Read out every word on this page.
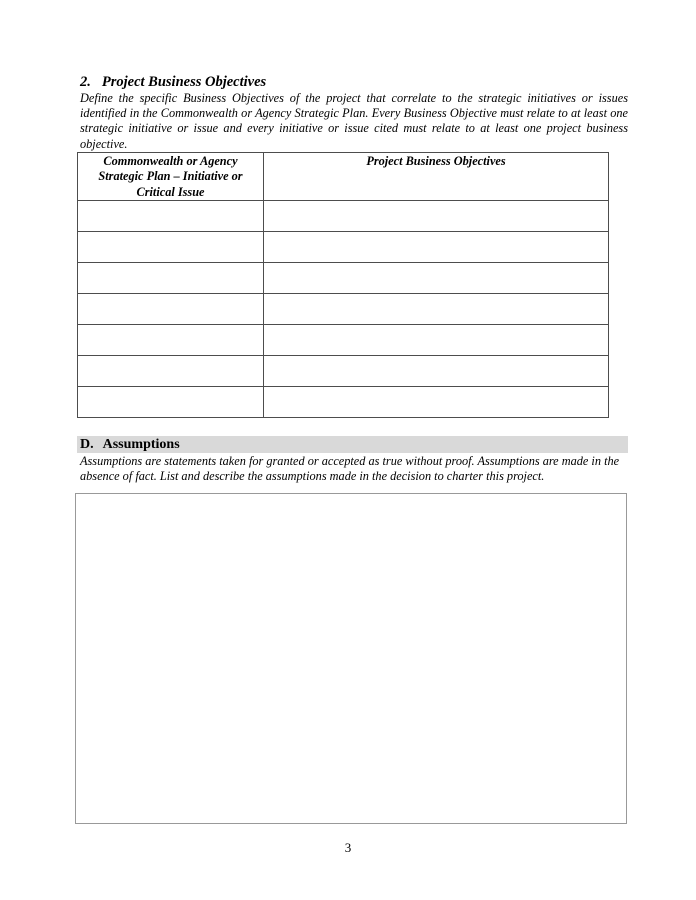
2. Project Business Objectives

Define the specific Business Objectives of the project that correlate to the strategic initiatives or issues identified in the Commonwealth or Agency Strategic Plan. Every Business Objective must relate to at least one strategic initiative or issue and every initiative or issue cited must relate to at least one project business objective.

Commonwealth or Agency Strategic Plan – Initiative or Critical Issue	Project Business Objectives

D. Assumptions

Assumptions are statements taken for granted or accepted as true without proof. Assumptions are made in the absence of fact. List and describe the assumptions made in the decision to charter this project.

3
